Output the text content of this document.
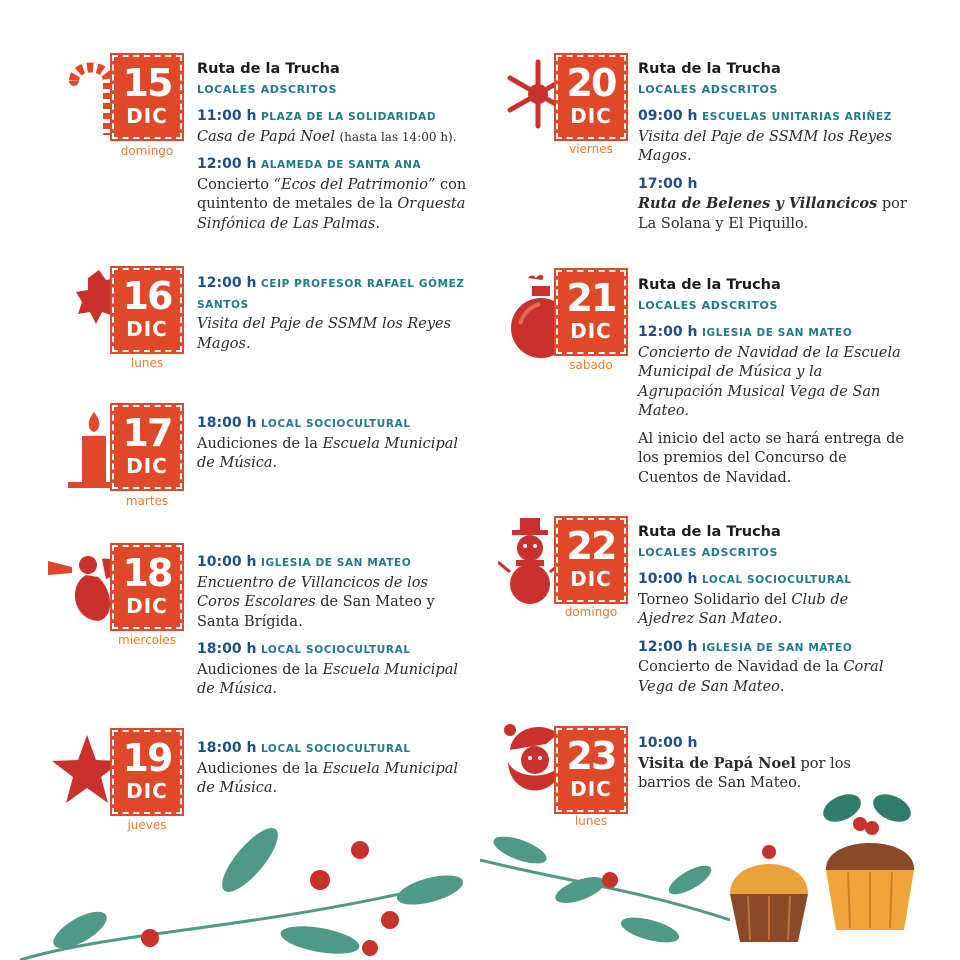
15
DIC
domingo

Ruta de la Trucha

LOCALES ADSCRITOS

11:00 h PLAZA DE LA SOLIDARIDAD
Casa de Papá Noel (hasta las 14:00 h).

12:00 h ALAMEDA DE SANTA ANA
Concierto “Ecos del Patrimonio” con quintento de metales de la Orquesta Sinfónica de Las Palmas.

16
DIC
lunes

12:00 h CEIP PROFESOR RAFAEL GÓMEZ SANTOS
Visita del Paje de SSMM los Reyes Magos.

17
DIC
martes

18:00 h LOCAL SOCIOCULTURAL
Audiciones de la Escuela Municipal de Música.

18
DIC
miercoles

10:00 h IGLESIA DE SAN MATEO
Encuentro de Villancicos de los Coros Escolares de San Mateo y Santa Brígida.

18:00 h LOCAL SOCIOCULTURAL
Audiciones de la Escuela Municipal de Música.

19
DIC
jueves

18:00 h LOCAL SOCIOCULTURAL
Audiciones de la Escuela Municipal de Música.

20
DIC
viernes

Ruta de la Trucha

LOCALES ADSCRITOS

09:00 h ESCUELAS UNITARIAS ARIÑEZ
Visita del Paje de SSMM los Reyes Magos.

17:00 h
Ruta de Belenes y Villancicos por La Solana y El Piquillo.

21
DIC
sabado

Ruta de la Trucha

LOCALES ADSCRITOS

12:00 h IGLESIA DE SAN MATEO
Concierto de Navidad de la Escuela Municipal de Música y la Agrupación Musical Vega de San Mateo.

Al inicio del acto se hará entrega de los premios del Concurso de Cuentos de Navidad.

22
DIC
domingo

Ruta de la Trucha

LOCALES ADSCRITOS

10:00 h LOCAL SOCIOCULTURAL
Torneo Solidario del Club de Ajedrez San Mateo.

12:00 h IGLESIA DE SAN MATEO
Concierto de Navidad de la Coral Vega de San Mateo.

23
DIC
lunes

10:00 h
Visita de Papá Noel por los barrios de San Mateo.
